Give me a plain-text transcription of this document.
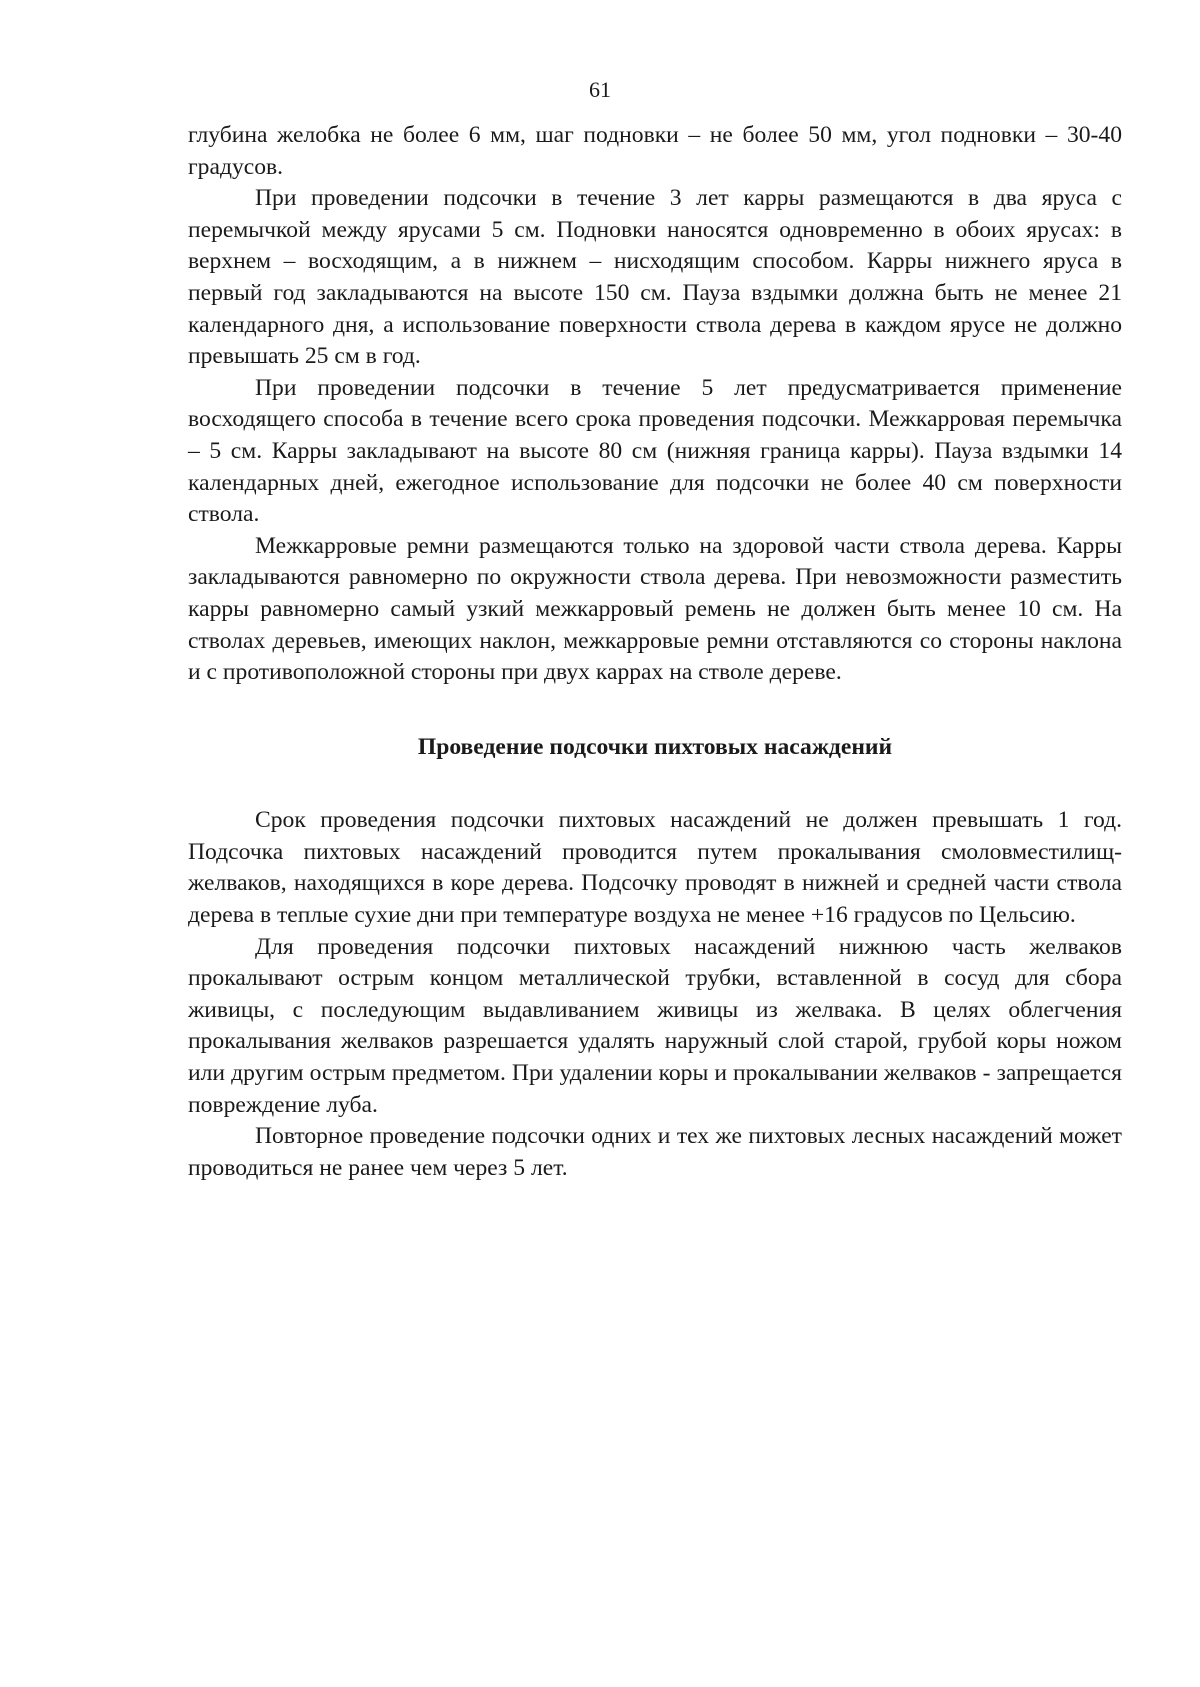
61

глубина желобка не более 6 мм, шаг подновки – не более 50 мм, угол подновки – 30-40 градусов.

При проведении подсочки в течение 3 лет карры размещаются в два яруса с перемычкой между ярусами 5 см. Подновки наносятся одновременно в обоих ярусах: в верхнем – восходящим, а в нижнем – нисходящим способом. Карры нижнего яруса в первый год закладываются на высоте 150 см. Пауза вздымки должна быть не менее 21 календарного дня, а использование поверхности ствола дерева в каждом ярусе не должно превышать 25 см в год.

При проведении подсочки в течение 5 лет предусматривается применение восходящего способа в течение всего срока проведения подсочки. Межкарровая перемычка – 5 см. Карры закладывают на высоте 80 см (нижняя граница карры). Пауза вздымки 14 календарных дней, ежегодное использование для подсочки не более 40 см поверхности ствола.

Межкарровые ремни размещаются только на здоровой части ствола дерева. Карры закладываются равномерно по окружности ствола дерева. При невозможности разместить карры равномерно самый узкий межкарровый ремень не должен быть менее 10 см. На стволах деревьев, имеющих наклон, межкарровые ремни отставляются со стороны наклона и с противоположной стороны при двух каррах на стволе дереве.

Проведение подсочки пихтовых насаждений

Срок проведения подсочки пихтовых насаждений не должен превышать 1 год. Подсочка пихтовых насаждений проводится путем прокалывания смоловместилищ-желваков, находящихся в коре дерева. Подсочку проводят в нижней и средней части ствола дерева в теплые сухие дни при температуре воздуха не менее +16 градусов по Цельсию.

Для проведения подсочки пихтовых насаждений нижнюю часть желваков прокалывают острым концом металлической трубки, вставленной в сосуд для сбора живицы, с последующим выдавливанием живицы из желвака. В целях облегчения прокалывания желваков разрешается удалять наружный слой старой, грубой коры ножом или другим острым предметом. При удалении коры и прокалывании желваков - запрещается повреждение луба.

Повторное проведение подсочки одних и тех же пихтовых лесных насаждений может проводиться не ранее чем через 5 лет.
